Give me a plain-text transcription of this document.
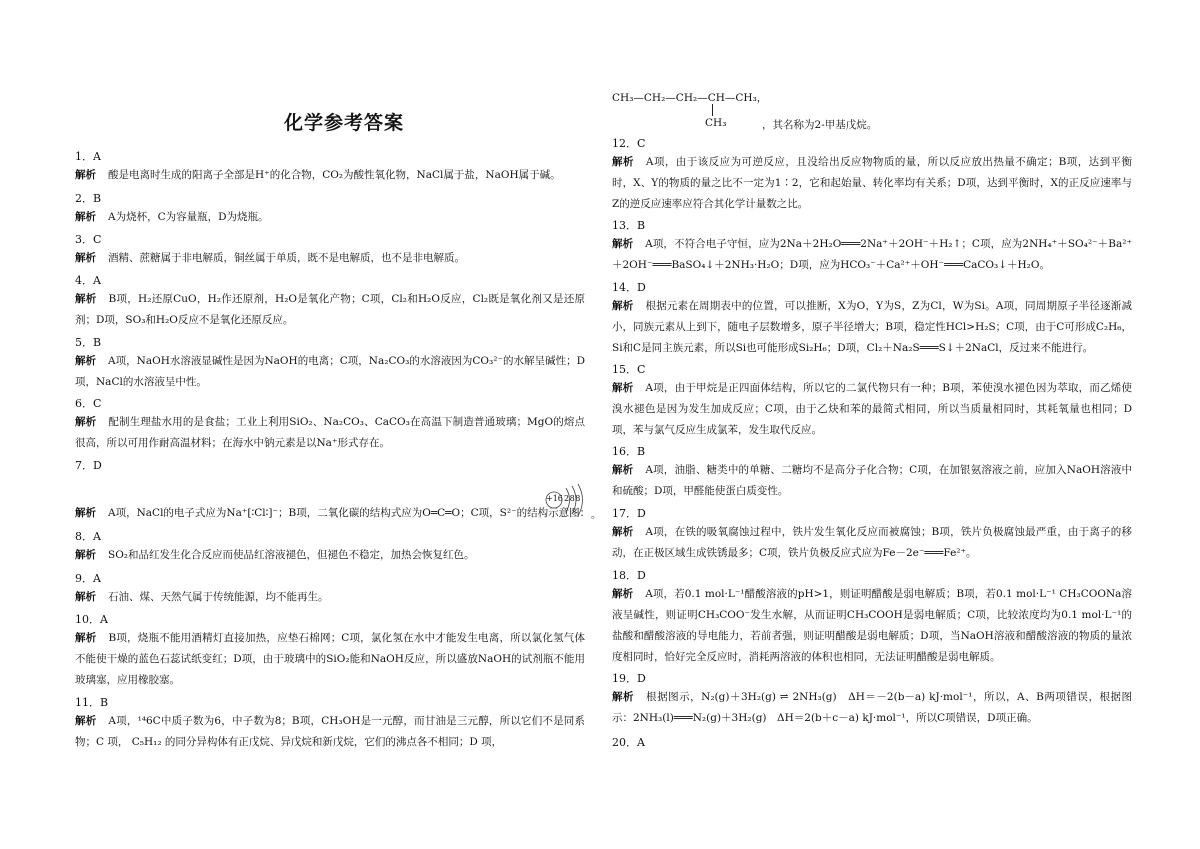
化学参考答案
1．A
解析 酸是电离时生成的阳离子全部是H⁺的化合物，CO₂为酸性氧化物，NaCl属于盐，NaOH属于碱。
2．B
解析 A为烧杯，C为容量瓶，D为烧瓶。
3．C
解析 酒精、蔗糖属于非电解质，铜丝属于单质，既不是电解质，也不是非电解质。
4．A
解析 B项，H₂还原CuO，H₂作还原剂，H₂O是氧化产物；C项，Cl₂和H₂O反应，Cl₂既是氧化剂又是还原剂；D项，SO₃和H₂O反应不是氧化还原反应。
5．B
解析 A项，NaOH水溶液显碱性是因为NaOH的电离；C项，Na₂CO₃的水溶液因为CO₃²⁻的水解呈碱性；D项，NaCl的水溶液呈中性。
6．C
解析 配制生理盐水用的是食盐；工业上利用SiO₂、Na₂CO₃、CaCO₃在高温下制造普通玻璃；MgO的熔点很高，所以可用作耐高温材料；在海水中钠元素是以Na⁺形式存在。
7．D
解析 A项，NaCl的电子式应为Na⁺[∶Cl∶]⁻；B项，二氧化碳的结构式应为O═C═O；C项，S²⁻的结构示意图：
+16 2 8 8
。
8．A
解析 SO₂和品红发生化合反应而使品红溶液褪色，但褪色不稳定，加热会恢复红色。
9．A
解析 石油、煤、天然气属于传统能源，均不能再生。
10．A
解析 B项，烧瓶不能用酒精灯直接加热，应垫石棉网；C项，氯化氢在水中才能发生电离，所以氯化氢气体不能使干燥的蓝色石蕊试纸变红；D项，由于玻璃中的SiO₂能和NaOH反应，所以盛放NaOH的试剂瓶不能用玻璃塞，应用橡胶塞。
11．B
解析 A项，¹⁴6C中质子数为6，中子数为8；B项，CH₃OH是一元醇，而甘油是三元醇，所以它们不是同系物；C 项， C₅H₁₂ 的同分异构体有正戊烷、异戊烷和新戊烷，它们的沸点各不相同；D 项，
CH₃—CH₂—CH₂—CH—CH₃，
CH₃	，其名称为2-甲基戊烷。
12．C
解析 A项，由于该反应为可逆反应，且没给出反应物物质的量，所以反应放出热量不确定；B项，达到平衡时，X、Y的物质的量之比不一定为1∶2，它和起始量、转化率均有关系；D项，达到平衡时，X的正反应速率与Z的逆反应速率应符合其化学计量数之比。
13．B
解析 A项，不符合电子守恒，应为2Na＋2H₂O═══2Na⁺＋2OH⁻＋H₂↑；C项，应为2NH₄⁺＋SO₄²⁻＋Ba²⁺＋2OH⁻═══BaSO₄↓＋2NH₃·H₂O；D项，应为HCO₃⁻＋Ca²⁺＋OH⁻═══CaCO₃↓＋H₂O。
14．D
解析 根据元素在周期表中的位置，可以推断，X为O，Y为S，Z为Cl，W为Si。A项，同周期原子半径逐渐减小，同族元素从上到下，随电子层数增多，原子半径增大；B项，稳定性HCl>H₂S；C项，由于C可形成C₂H₆，Si和C是同主族元素，所以Si也可能形成Si₂H₆；D项，Cl₂＋Na₂S═══S↓＋2NaCl，反过来不能进行。
15．C
解析 A项，由于甲烷是正四面体结构，所以它的二氯代物只有一种；B项，苯使溴水褪色因为萃取，而乙烯使溴水褪色是因为发生加成反应；C项，由于乙炔和苯的最简式相同，所以当质量相同时，其耗氧量也相同；D项，苯与氯气反应生成氯苯，发生取代反应。
16．B
解析 A项，油脂、糖类中的单糖、二糖均不是高分子化合物；C项，在加银氨溶液之前，应加入NaOH溶液中和硫酸；D项，甲醛能使蛋白质变性。
17．D
解析 A项，在铁的吸氧腐蚀过程中，铁片发生氧化反应而被腐蚀；B项，铁片负极腐蚀最严重，由于离子的移动，在正极区域生成铁锈最多；C项，铁片负极反应式应为Fe－2e⁻═══Fe²⁺。
18．D
解析 A项，若0.1 mol·L⁻¹醋酸溶液的pH>1，则证明醋酸是弱电解质；B项，若0.1 mol·L⁻¹ CH₃COONa溶液呈碱性，则证明CH₃COO⁻发生水解，从而证明CH₃COOH是弱电解质；C项，比较浓度均为0.1 mol·L⁻¹的盐酸和醋酸溶液的导电能力，若前者强，则证明醋酸是弱电解质；D项，当NaOH溶液和醋酸溶液的物质的量浓度相同时，恰好完全反应时，消耗两溶液的体积也相同，无法证明醋酸是弱电解质。
19．D
解析 根据图示，N₂(g)＋3H₂(g) ⇌ 2NH₃(g)　ΔH＝－2(b－a) kJ·mol⁻¹，所以，A、B两项错误，根据图示：2NH₃(l)═══N₂(g)＋3H₂(g)　ΔH＝2(b＋c－a) kJ·mol⁻¹，所以C项错误，D项正确。
20．A
